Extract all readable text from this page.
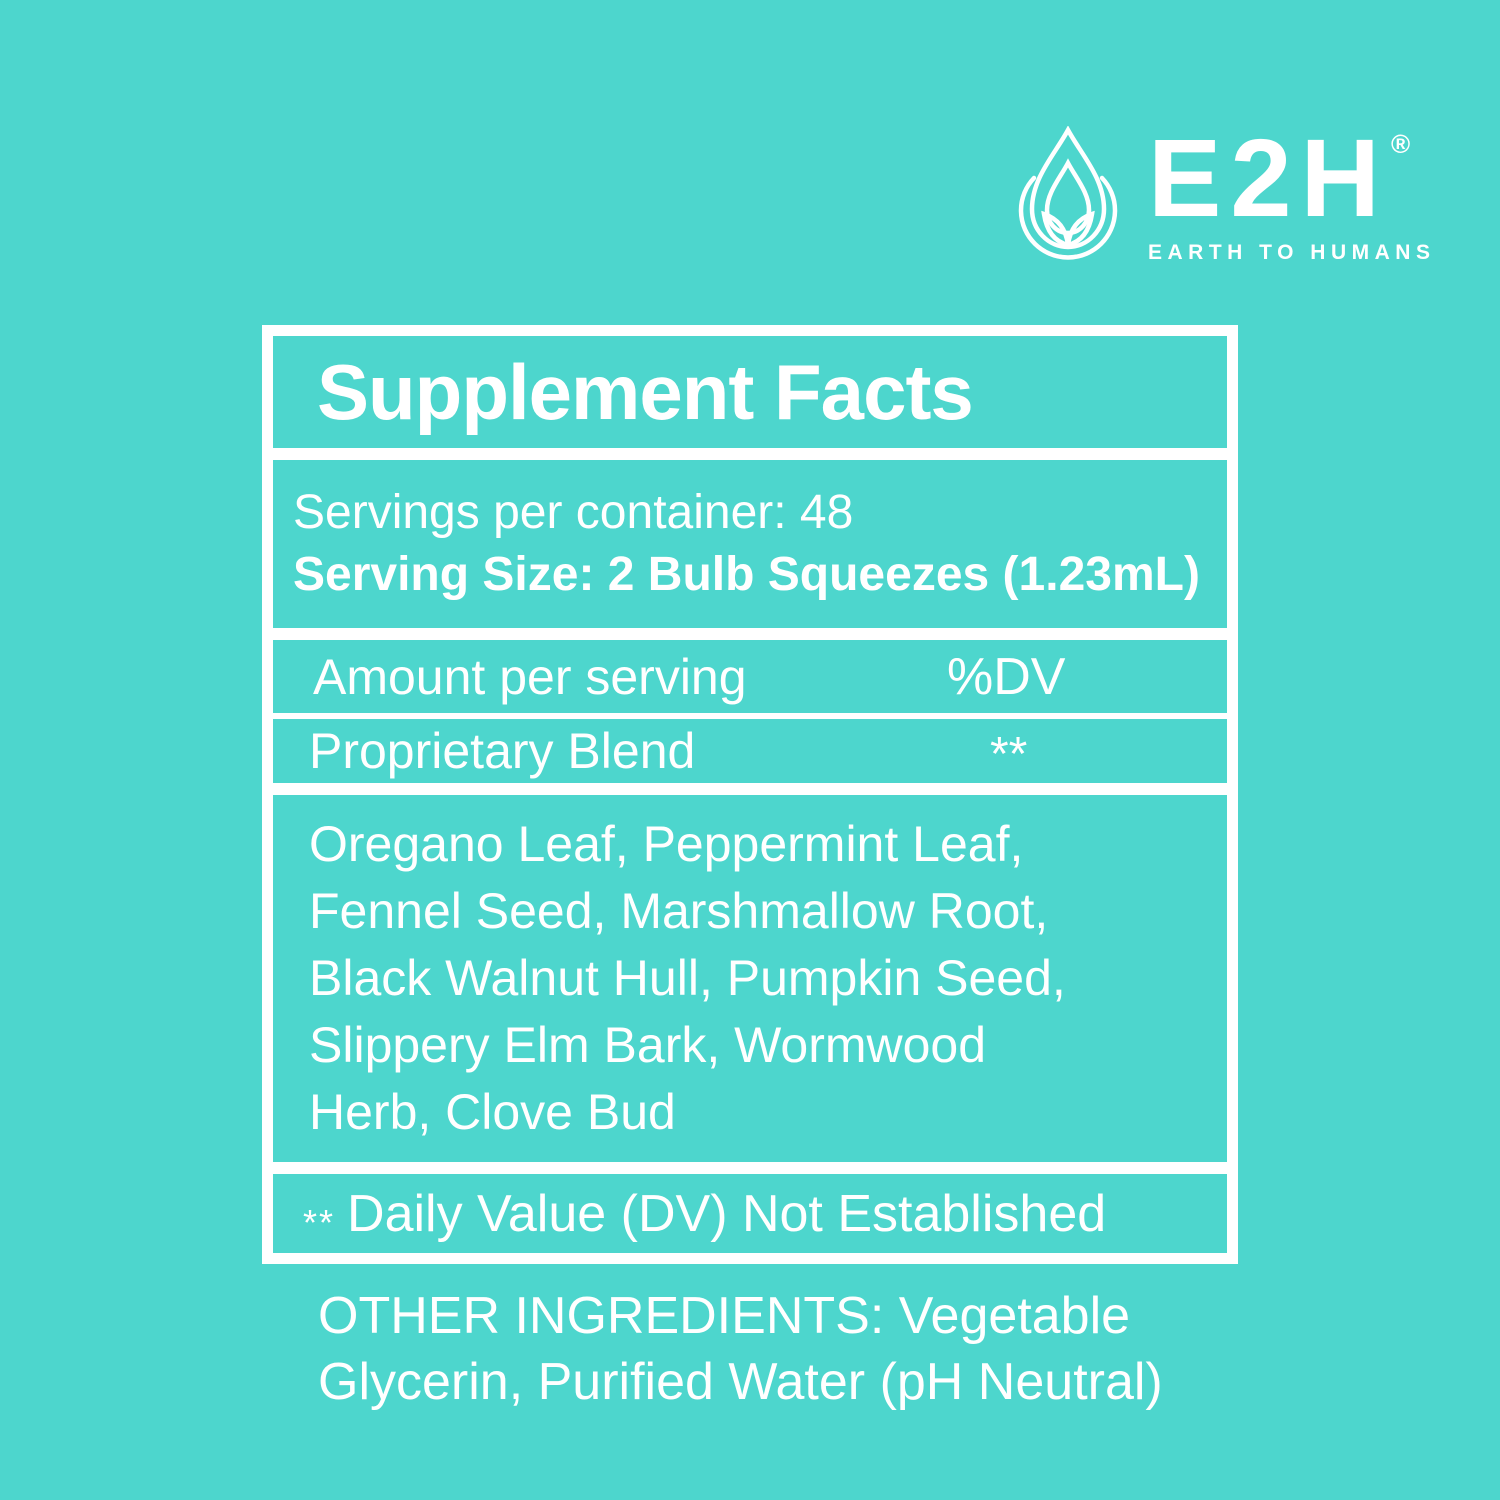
E2H ®
EARTH TO HUMANS
Supplement Facts
Servings per container: 48
Serving Size: 2 Bulb Squeezes (1.23mL)
Amount per serving	%DV
Proprietary Blend	**
Oregano Leaf, Peppermint Leaf,
Fennel Seed, Marshmallow Root,
Black Walnut Hull, Pumpkin Seed,
Slippery Elm Bark, Wormwood
Herb, Clove Bud
** Daily Value (DV) Not Established
OTHER INGREDIENTS: Vegetable
Glycerin, Purified Water (pH Neutral)
